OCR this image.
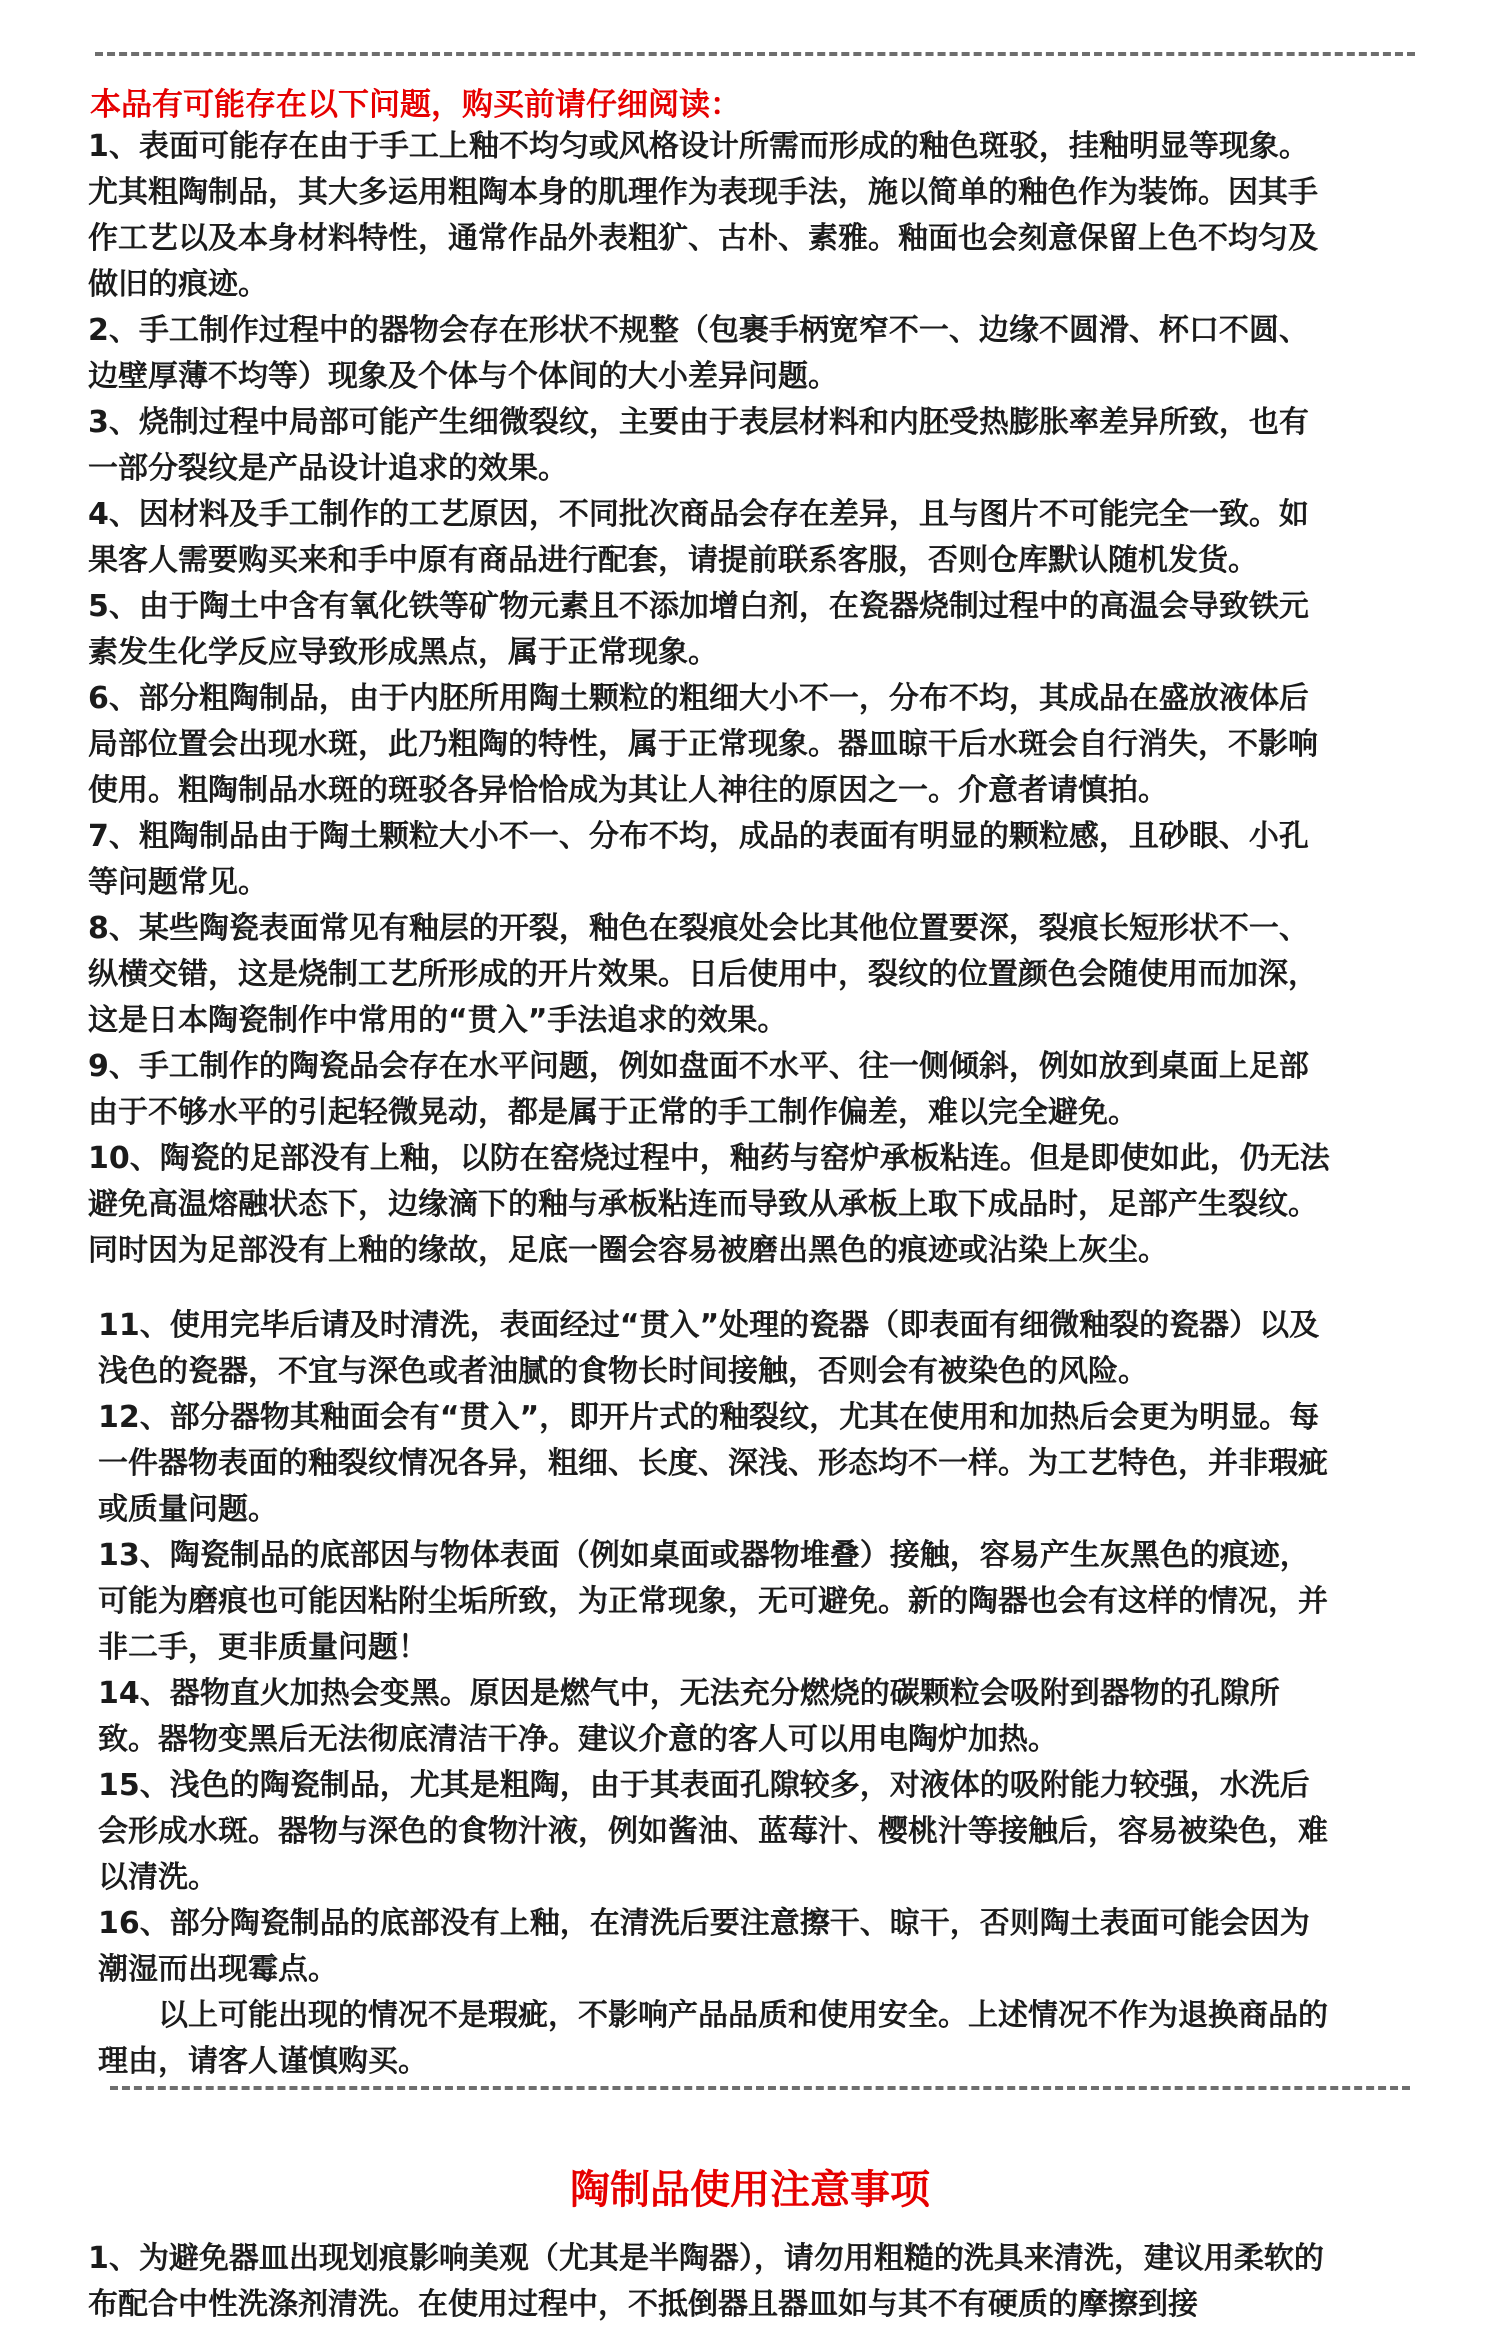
本品有可能存在以下问题，购买前请仔细阅读：

1、表面可能存在由于手工上釉不均匀或风格设计所需而形成的釉色斑驳，挂釉明显等现象。尤其粗陶制品，其大多运用粗陶本身的肌理作为表现手法，施以简单的釉色作为装饰。因其手作工艺以及本身材料特性，通常作品外表粗犷、古朴、素雅。釉面也会刻意保留上色不均匀及做旧的痕迹。

2、手工制作过程中的器物会存在形状不规整（包裹手柄宽窄不一、边缘不圆滑、杯口不圆、边壁厚薄不均等）现象及个体与个体间的大小差异问题。

3、烧制过程中局部可能产生细微裂纹，主要由于表层材料和内胚受热膨胀率差异所致，也有一部分裂纹是产品设计追求的效果。

4、因材料及手工制作的工艺原因，不同批次商品会存在差异，且与图片不可能完全一致。如果客人需要购买来和手中原有商品进行配套，请提前联系客服，否则仓库默认随机发货。

5、由于陶土中含有氧化铁等矿物元素且不添加增白剂，在瓷器烧制过程中的高温会导致铁元素发生化学反应导致形成黑点，属于正常现象。

6、部分粗陶制品，由于内胚所用陶土颗粒的粗细大小不一，分布不均，其成品在盛放液体后局部位置会出现水斑，此乃粗陶的特性，属于正常现象。器皿晾干后水斑会自行消失，不影响使用。粗陶制品水斑的斑驳各异恰恰成为其让人神往的原因之一。介意者请慎拍。

7、粗陶制品由于陶土颗粒大小不一、分布不均，成品的表面有明显的颗粒感，且砂眼、小孔等问题常见。

8、某些陶瓷表面常见有釉层的开裂，釉色在裂痕处会比其他位置要深，裂痕长短形状不一、纵横交错，这是烧制工艺所形成的开片效果。日后使用中，裂纹的位置颜色会随使用而加深，这是日本陶瓷制作中常用的“贯入”手法追求的效果。

9、手工制作的陶瓷品会存在水平问题，例如盘面不水平、往一侧倾斜，例如放到桌面上足部由于不够水平的引起轻微晃动，都是属于正常的手工制作偏差，难以完全避免。

10、陶瓷的足部没有上釉，以防在窑烧过程中，釉药与窑炉承板粘连。但是即使如此，仍无法避免高温熔融状态下，边缘滴下的釉与承板粘连而导致从承板上取下成品时，足部产生裂纹。同时因为足部没有上釉的缘故，足底一圈会容易被磨出黑色的痕迹或沾染上灰尘。

11、使用完毕后请及时清洗，表面经过“贯入”处理的瓷器（即表面有细微釉裂的瓷器）以及浅色的瓷器，不宜与深色或者油腻的食物长时间接触，否则会有被染色的风险。

12、部分器物其釉面会有“贯入”，即开片式的釉裂纹，尤其在使用和加热后会更为明显。每一件器物表面的釉裂纹情况各异，粗细、长度、深浅、形态均不一样。为工艺特色，并非瑕疵或质量问题。

13、陶瓷制品的底部因与物体表面（例如桌面或器物堆叠）接触，容易产生灰黑色的痕迹，可能为磨痕也可能因粘附尘垢所致，为正常现象，无可避免。新的陶器也会有这样的情况，并非二手，更非质量问题！

14、器物直火加热会变黑。原因是燃气中，无法充分燃烧的碳颗粒会吸附到器物的孔隙所致。器物变黑后无法彻底清洁干净。建议介意的客人可以用电陶炉加热。

15、浅色的陶瓷制品，尤其是粗陶，由于其表面孔隙较多，对液体的吸附能力较强，水洗后会形成水斑。器物与深色的食物汁液，例如酱油、蓝莓汁、樱桃汁等接触后，容易被染色，难以清洗。

16、部分陶瓷制品的底部没有上釉，在清洗后要注意擦干、晾干，否则陶土表面可能会因为潮湿而出现霉点。

以上可能出现的情况不是瑕疵，不影响产品品质和使用安全。上述情况不作为退换商品的理由，请客人谨慎购买。

陶制品使用注意事项

1、为避免器皿出现划痕影响美观（尤其是半陶器），请勿用粗糙的洗具来清洗，建议用柔软的布配合中性洗涤剂清洗。在使用过程中，不抵倒器且器皿如与其不有硬质的摩擦到接
